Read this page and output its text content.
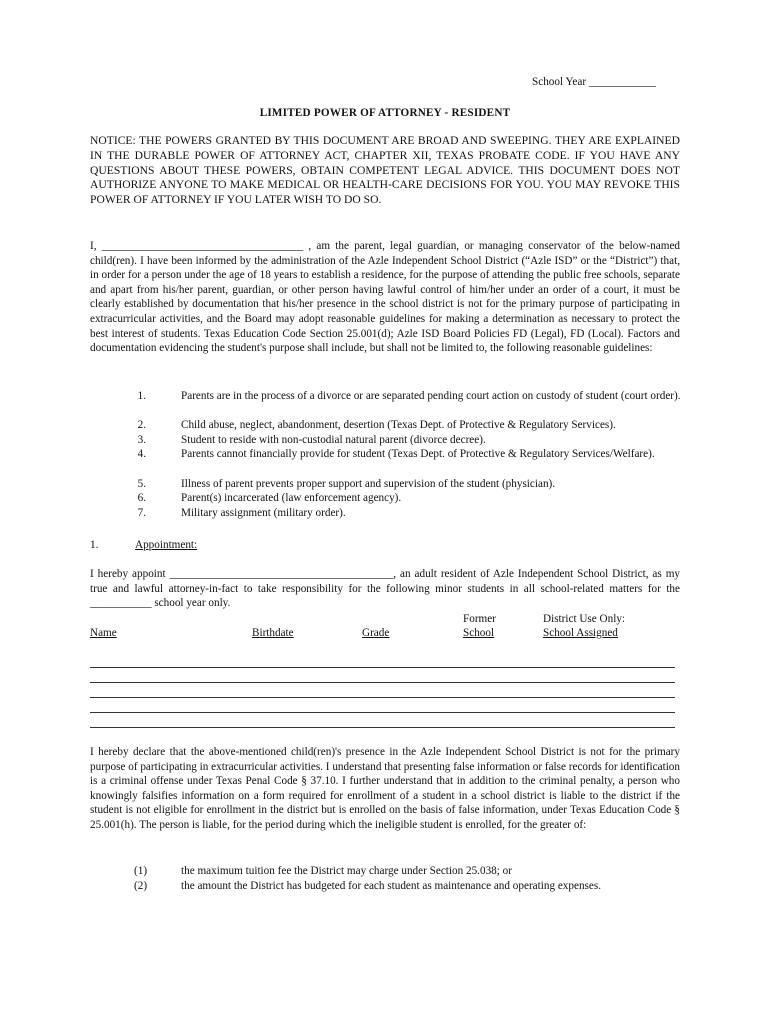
School Year ____________
LIMITED POWER OF ATTORNEY - RESIDENT
NOTICE: THE POWERS GRANTED BY THIS DOCUMENT ARE BROAD AND SWEEPING. THEY ARE EXPLAINED IN THE DURABLE POWER OF ATTORNEY ACT, CHAPTER XII, TEXAS PROBATE CODE. IF YOU HAVE ANY QUESTIONS ABOUT THESE POWERS, OBTAIN COMPETENT LEGAL ADVICE. THIS DOCUMENT DOES NOT AUTHORIZE ANYONE TO MAKE MEDICAL OR HEALTH-CARE DECISIONS FOR YOU. YOU MAY REVOKE THIS POWER OF ATTORNEY IF YOU LATER WISH TO DO SO.
I, ____________________________________ , am the parent, legal guardian, or managing conservator of the below-named child(ren). I have been informed by the administration of the Azle Independent School District (“Azle ISD” or the “District”) that, in order for a person under the age of 18 years to establish a residence, for the purpose of attending the public free schools, separate and apart from his/her parent, guardian, or other person having lawful control of him/her under an order of a court, it must be clearly established by documentation that his/her presence in the school district is not for the primary purpose of participating in extracurricular activities, and the Board may adopt reasonable guidelines for making a determination as necessary to protect the best interest of students. Texas Education Code Section 25.001(d); Azle ISD Board Policies FD (Legal), FD (Local). Factors and documentation evidencing the student's purpose shall include, but shall not be limited to, the following reasonable guidelines:
1.	Parents are in the process of a divorce or are separated pending court action on custody of student (court order).
2.	Child abuse, neglect, abandonment, desertion (Texas Dept. of Protective & Regulatory Services).
3.	Student to reside with non-custodial natural parent (divorce decree).
4.	Parents cannot financially provide for student (Texas Dept. of Protective & Regulatory Services/Welfare).
5.	Illness of parent prevents proper support and supervision of the student (physician).
6.	Parent(s) incarcerated (law enforcement agency).
7.	Military assignment (military order).
1.	Appointment:
I hereby appoint ________________________________________, an adult resident of Azle Independent School District, as my true and lawful attorney-in-fact to take responsibility for the following minor students in all school-related matters for the ___________ school year only.
Former	District Use Only:
Name	Birthdate	Grade	School	School Assigned
I hereby declare that the above-mentioned child(ren)'s presence in the Azle Independent School District is not for the primary purpose of participating in extracurricular activities. I understand that presenting false information or false records for identification is a criminal offense under Texas Penal Code § 37.10. I further understand that in addition to the criminal penalty, a person who knowingly falsifies information on a form required for enrollment of a student in a school district is liable to the district if the student is not eligible for enrollment in the district but is enrolled on the basis of false information, under Texas Education Code § 25.001(h). The person is liable, for the period during which the ineligible student is enrolled, for the greater of:
(1)	the maximum tuition fee the District may charge under Section 25.038; or
(2)	the amount the District has budgeted for each student as maintenance and operating expenses.
